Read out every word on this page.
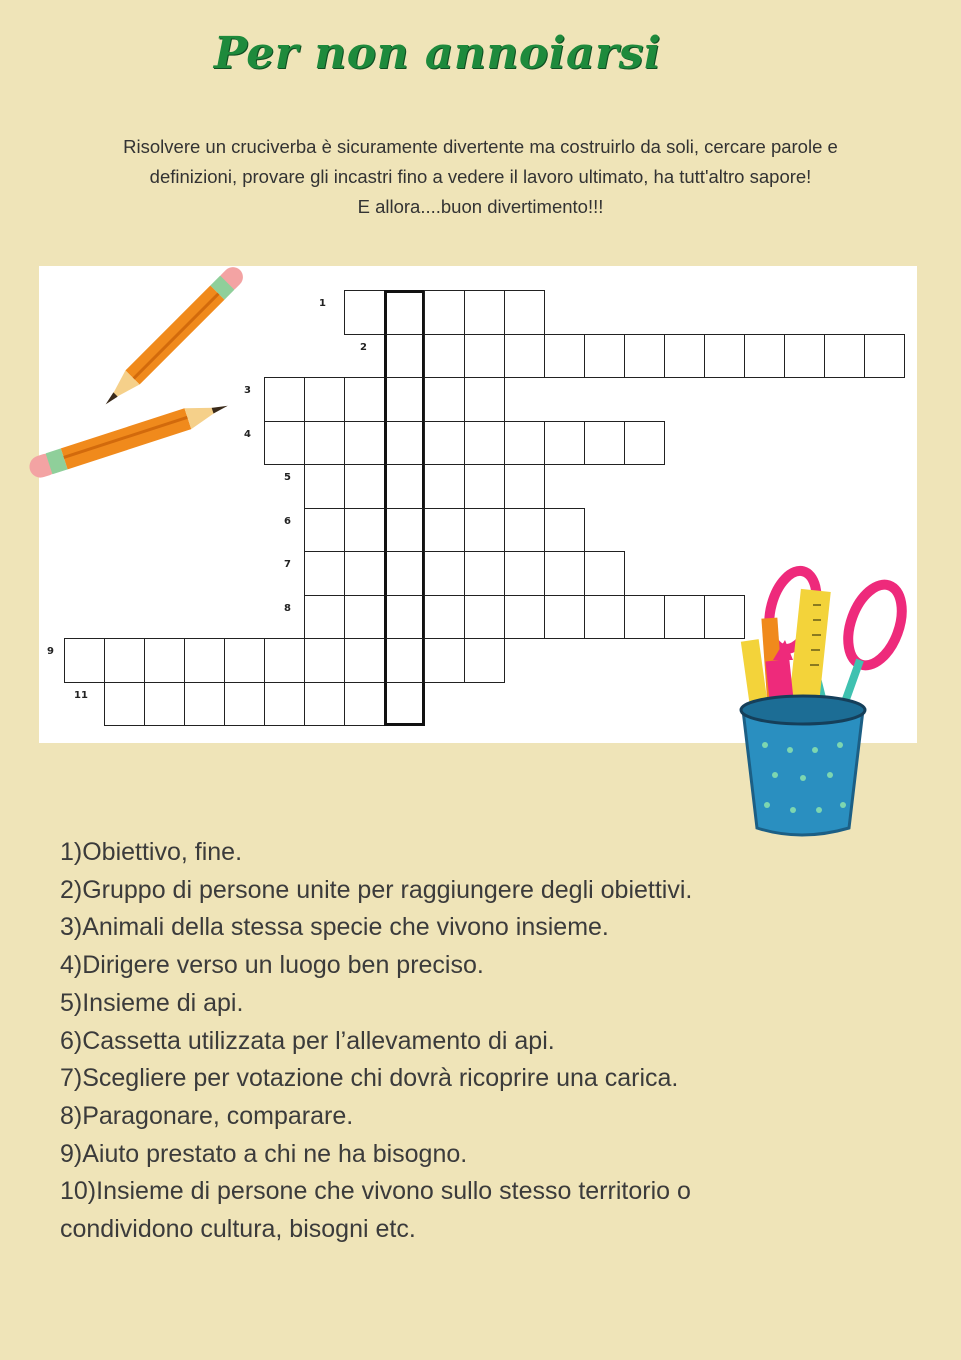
Per non annoiarsi

Risolvere un cruciverba è sicuramente divertente ma costruirlo da soli, cercare parole e

definizioni, provare gli incastri fino a vedere il lavoro ultimato, ha tutt'altro sapore!

E allora....buon divertimento!!!

1
2
3
4
5
6
7
8
9
11

1)Obiettivo, fine.

2)Gruppo di persone unite per raggiungere degli obiettivi.

3)Animali della stessa specie che vivono insieme.

4)Dirigere verso un luogo ben preciso.

5)Insieme di api.

6)Cassetta utilizzata per l’allevamento di api.

7)Scegliere per votazione chi dovrà ricoprire una carica.

8)Paragonare, comparare.

9)Aiuto prestato a chi ne ha bisogno.

10)Insieme di persone che vivono sullo stesso territorio o

condividono cultura, bisogni etc.
